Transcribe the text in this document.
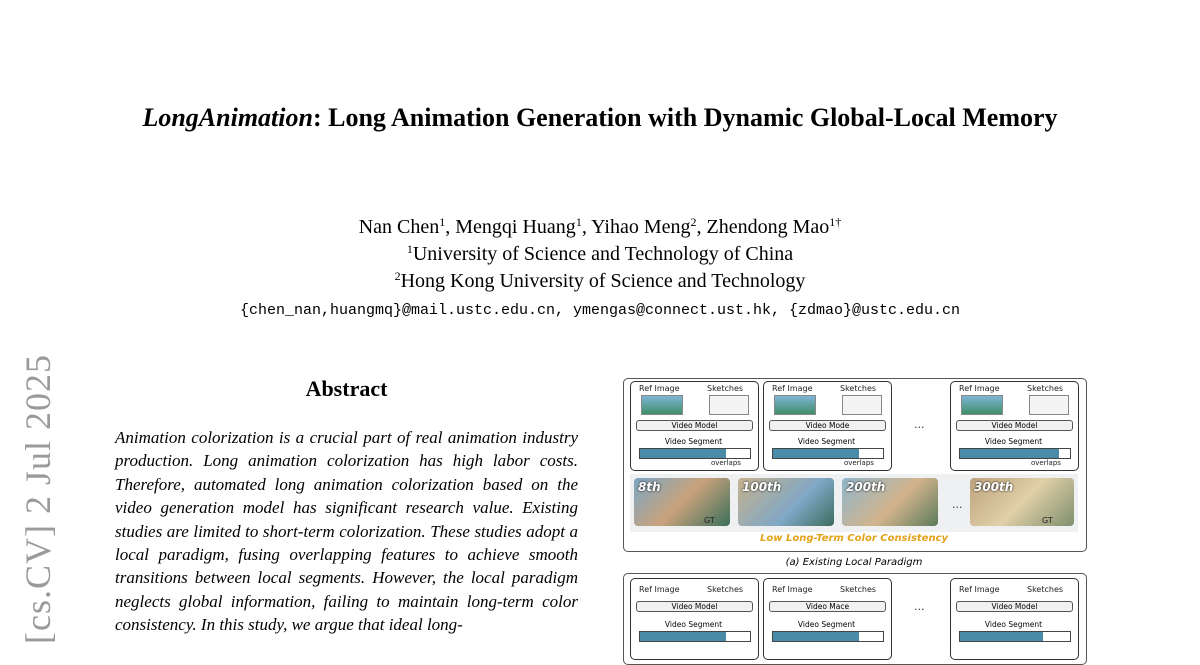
LongAnimation: Long Animation Generation with Dynamic Global-Local Memory
Nan Chen$^1$, Mengqi Huang$^1$, Yihao Meng$^2$, Zhendong Mao$^{1\dagger}$
$^1$University of Science and Technology of China
$^2$Hong Kong University of Science and Technology
{chen_nan,huangmq}@mail.ustc.edu.cn, ymengas@connect.ust.hk, {zdmao}@ustc.edu.cn
[cs.CV] 2 Jul 2025	Abstract
Animation colorization is a crucial part of real animation industry production. Long animation colorization has high labor costs. Therefore, automated long animation colorization based on the video generation model has significant research value. Existing studies are limited to short-term colorization. These studies adopt a local paradigm, fusing overlapping features to achieve smooth transitions between local segments. However, the local paradigm neglects global information, failing to maintain long-term color consistency. In this study, we argue that ideal long-
Ref Image	Sketches
Video Model
Video Segment
overlaps
Ref Image	Sketches
Video Mode
Video Segment
overlaps
...
Ref Image	Sketches
Video Model
Video Segment
overlaps
8th
GT
100th	200th
...
300th
GT
Low Long-Term Color Consistency
(a) Existing Local Paradigm
Ref Image	Sketches
Video Model
Video Segment
Ref Image	Sketches
Video Mace
Video Segment
...
Ref Image	Sketches
Video Model
Video Segment
